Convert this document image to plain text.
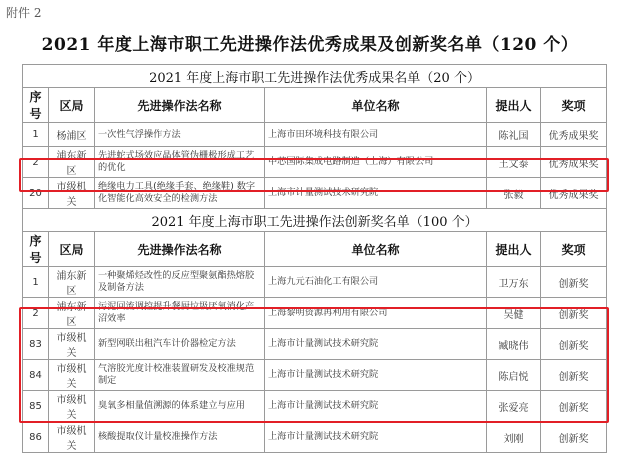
附件 2
2021 年度上海市职工先进操作法优秀成果及创新奖名单（120 个）
2021 年度上海市职工先进操作法优秀成果名单（20 个）					
序号	区局	先进操作法名称	单位名称	提出人	奖项
1	杨浦区	一次性气浮操作方法	上海市田环境科技有限公司	陈礼国	优秀成果奖
2	浦东新区	先进蛇式场效应晶体管伪栅极形成工艺的优化	中芯国际集成电路制造（上海）有限公司	王文泰	优秀成果奖
20	市级机关	绝缘电力工具(绝缘手套、绝缘鞋) 数字化智能化高效安全的检测方法	上海市计量测试技术研究院	张毅	优秀成果奖
2021 年度上海市职工先进操作法创新奖名单（100 个）					
序号	区局	先进操作法名称	单位名称	提出人	奖项
1	浦东新区	一种聚烯烃改性的反应型聚氨酯热熔胶及制备方法	上海九元石油化工有限公司	卫万东	创新奖
2	浦东新区	污泥回流调控提升餐厨垃圾厌氧消化产沼效率	上海黎明资源再利用有限公司	吴健	创新奖
83	市级机关	新型网联出租汽车计价器检定方法	上海市计量测试技术研究院	臧晓伟	创新奖
84	市级机关	气溶胶光度计校准装置研发及校准规范制定	上海市计量测试技术研究院	陈启悦	创新奖
85	市级机关	臭氧多相量值溯源的体系建立与应用	上海市计量测试技术研究院	张爱亮	创新奖
86	市级机关	核酸提取仪计量校准操作方法	上海市计量测试技术研究院	刘刚	创新奖
